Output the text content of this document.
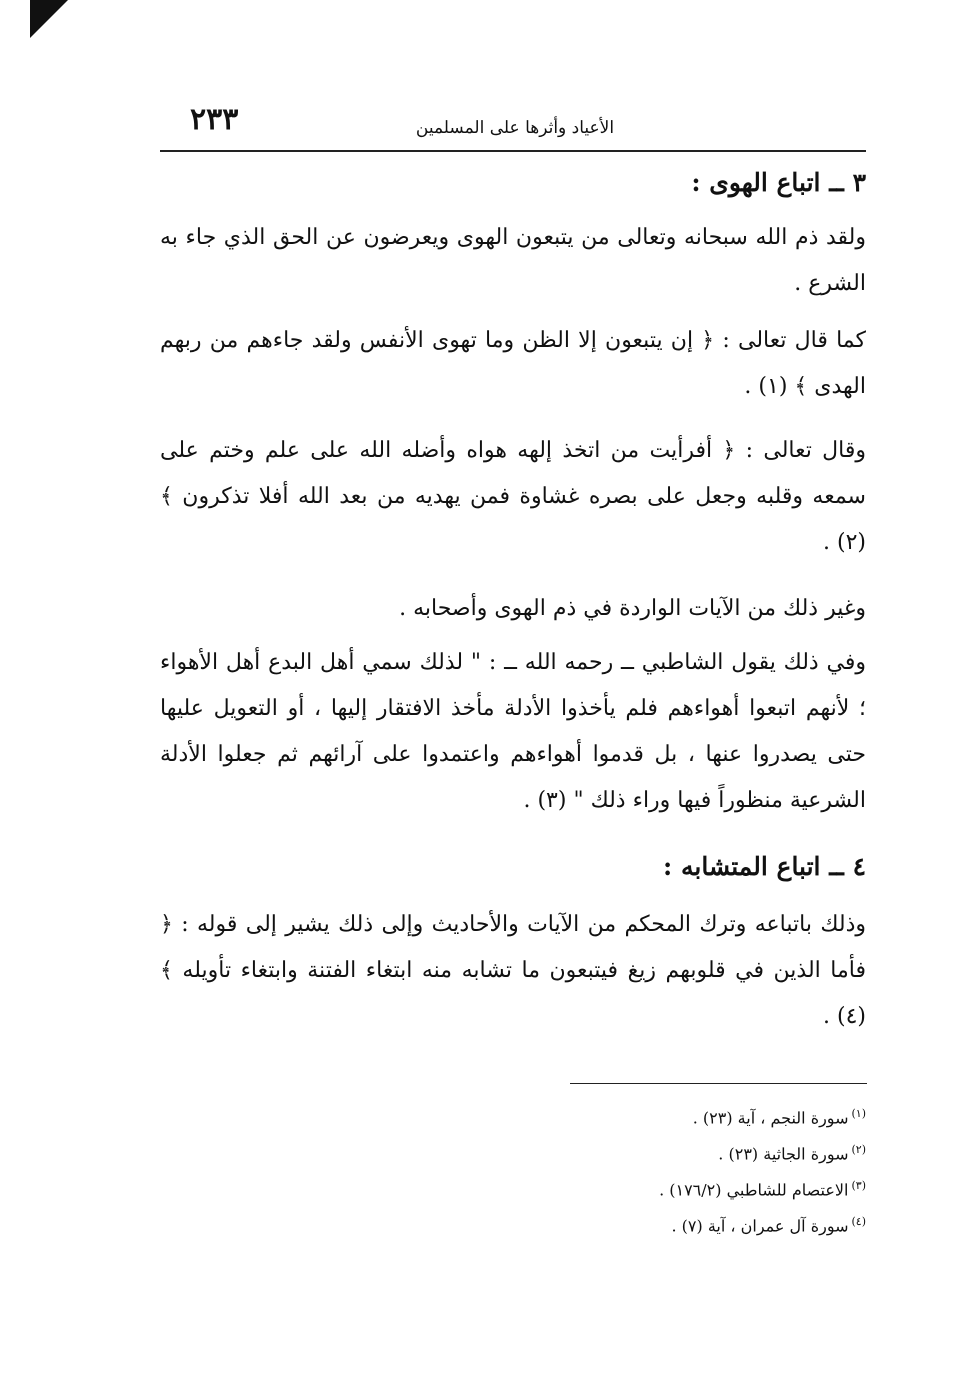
٢٣٣	الأعياد وأثرها على المسلمين
٣ ــ اتباع الهوى :

ولقد ذم الله سبحانه وتعالى من يتبعون الهوى ويعرضون عن الحق الذي جاء به الشرع .

كما قال تعالى : ﴿ إن يتبعون إلا الظن وما تهوى الأنفس ولقد جاءهم من ربهم الهدى ﴾ (١) .

وقال تعالى : ﴿ أفرأيت من اتخذ إلهه هواه وأضله الله على علم وختم على سمعه وقلبه وجعل على بصره غشاوة فمن يهديه من بعد الله أفلا تذكرون ﴾ (٢) .

وغير ذلك من الآيات الواردة في ذم الهوى وأصحابه .

وفي ذلك يقول الشاطبي ــ رحمه الله ــ : " لذلك سمي أهل البدع أهل الأهواء ؛ لأنهم اتبعوا أهواءهم فلم يأخذوا الأدلة مأخذ الافتقار إليها ، أو التعويل عليها حتى يصدروا عنها ، بل قدموا أهواءهم واعتمدوا على آرائهم ثم جعلوا الأدلة الشرعية منظوراً فيها وراء ذلك " (٣) .

٤ ــ اتباع المتشابه :

وذلك باتباعه وترك المحكم من الآيات والأحاديث وإلى ذلك يشير إلى قوله : ﴿ فأما الذين في قلوبهم زيغ فيتبعون ما تشابه منه ابتغاء الفتنة وابتغاء تأويله ﴾ (٤) .

$^{(١)}$سورة النجم ، آية (٢٣) .
$^{(٢)}$سورة الجاثية (٢٣) .
$^{(٣)}$الاعتصام للشاطبي (١٧٦/٢) .
$^{(٤)}$سورة آل عمران ، آية (٧) .
